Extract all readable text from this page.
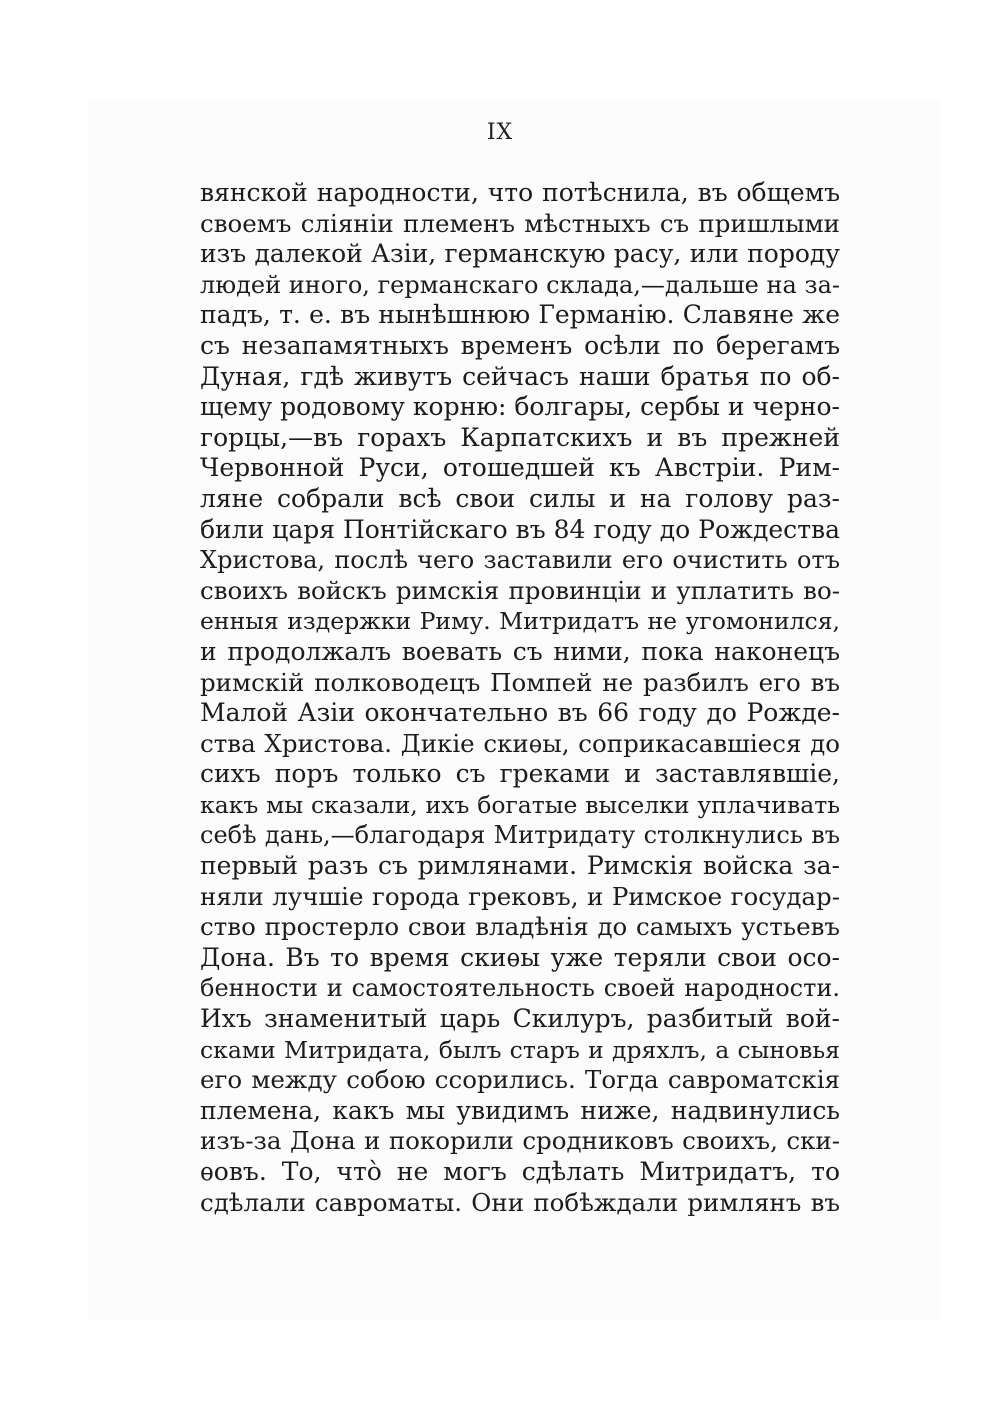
IX
вянской народности, что потѣснила, въ общемъ
своемъ сліяніи племенъ мѣстныхъ съ пришлыми
изъ далекой Азіи, германскую расу, или породу
людей иного, германскаго склада,—дальше на за-
падъ, т. е. въ нынѣшнюю Германію. Славяне же
съ незапамятныхъ временъ осѣли по берегамъ
Дуная, гдѣ живутъ сейчасъ наши братья по об-
щему родовому корню: болгары, сербы и черно-
горцы,—въ горахъ Карпатскихъ и въ прежней
Червонной Руси, отошедшей къ Австріи. Рим-
ляне собрали всѣ свои силы и на голову раз-
били царя Понтійскаго въ 84 году до Рождества
Христова, послѣ чего заставили его очистить отъ
своихъ войскъ римскія провинціи и уплатить во-
енныя издержки Риму. Митридатъ не угомонился,
и продолжалъ воевать съ ними, пока наконецъ
римскій полководецъ Помпей не разбилъ его въ
Малой Азіи окончательно въ 66 году до Рожде-
ства Христова. Дикіе скиѳы, соприкасавшіеся до
сихъ поръ только съ греками и заставлявшіе,
какъ мы сказали, ихъ богатые выселки уплачивать
себѣ дань,—благодаря Митридату столкнулись въ
первый разъ съ римлянами. Римскія войска за-
няли лучшіе города грековъ, и Римское государ-
ство простерло свои владѣнія до самыхъ устьевъ
Дона. Въ то время скиѳы уже теряли свои осо-
бенности и самостоятельность своей народности.
Ихъ знаменитый царь Скилуръ, разбитый вой-
сками Митридата, былъ старъ и дряхлъ, а сыновья
его между собою ссорились. Тогда савроматскія
племена, какъ мы увидимъ ниже, надвинулись
изъ-за Дона и покорили сродниковъ своихъ, ски-
ѳовъ. То, что̀ не могъ сдѣлать Митридатъ, то
сдѣлали савроматы. Они побѣждали римлянъ въ
